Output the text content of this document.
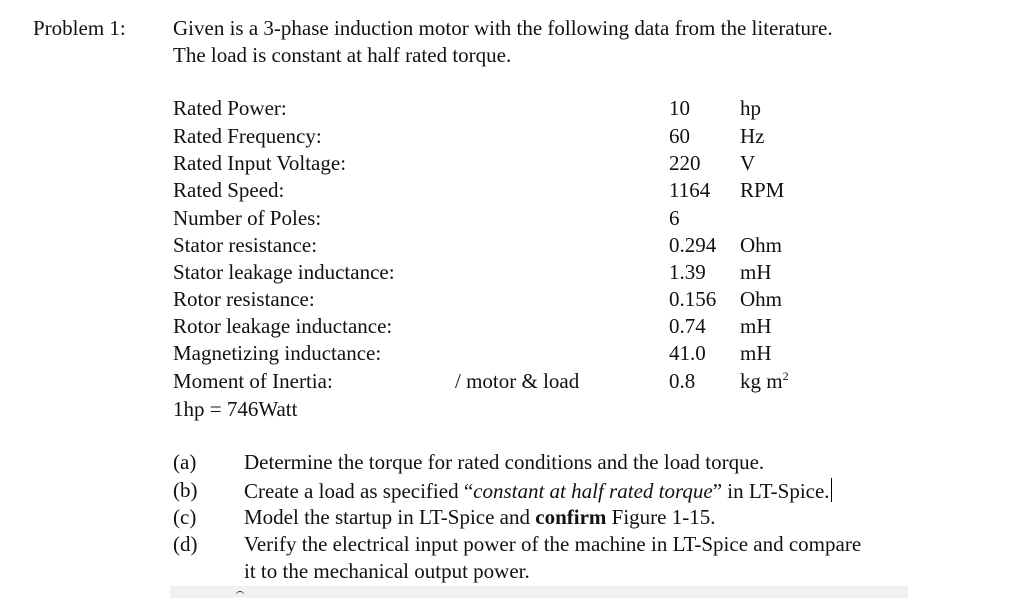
Problem 1: Given is a 3-phase induction motor with the following data from the literature.
The load is constant at half rated torque.
Rated Power:	10 hp
Rated Frequency:	60 Hz
Rated Input Voltage:	220 V
Rated Speed:	1164 RPM
Number of Poles:	6
Stator resistance:	0.294 Ohm
Stator leakage inductance:	1.39 mH
Rotor resistance:	0.156 Ohm
Rotor leakage inductance:	0.74 mH
Magnetizing inductance:	41.0 mH
Moment of Inertia:	/ motor & load	0.8 kg $m^2$
1hp = 746Watt
(a) Determine the torque for rated conditions and the load torque.
(b) Create a load as specified “constant at half rated torque” in LT-Spice.
(c) Model the startup in LT-Spice and confirm Figure 1-15.
(d) Verify the electrical input power of the machine in LT-Spice and compare
it to the mechanical output power.
